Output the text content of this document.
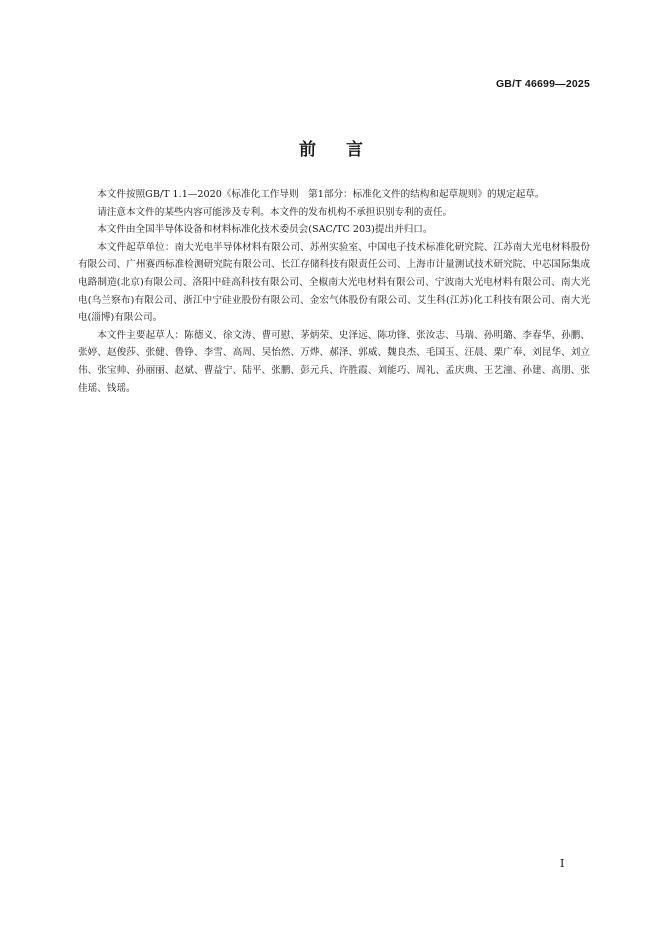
GB/T 46699—2025
前言

本文件按照GB/T 1.1—2020《标准化工作导则　第1部分：标准化文件的结构和起草规则》的规定起草。

请注意本文件的某些内容可能涉及专利。本文件的发布机构不承担识别专利的责任。

本文件由全国半导体设备和材料标准化技术委员会(SAC/TC 203)提出并归口。

本文件起草单位：南大光电半导体材料有限公司、苏州实验室、中国电子技术标准化研究院、江苏南大光电材料股份有限公司、广州赛西标准检测研究院有限公司、长江存储科技有限责任公司、上海市计量测试技术研究院、中芯国际集成电路制造(北京)有限公司、洛阳中硅高科技有限公司、全椒南大光电材料有限公司、宁波南大光电材料有限公司、南大光电(乌兰察布)有限公司、浙江中宁硅业股份有限公司、金宏气体股份有限公司、艾生科(江苏)化工科技有限公司、南大光电(淄博)有限公司。

本文件主要起草人：陈德义、徐文涛、曹可慰、茅炳荣、史泽远、陈功锋、张汝志、马瑞、孙明璐、李春华、孙鹏、张婷、赵俊莎、张健、鲁铮、李雪、高周、吴怡然、万烨、郝泽、郭威、魏良杰、毛国玉、汪晨、栗广奉、刘昆华、刘立伟、张宝帅、孙丽丽、赵斌、曹益宁、陆平、张鹏、彭元兵、许胜霞、刘能巧、周礼、孟庆典、王艺潼、孙建、高朋、张佳瑶、钱瑶。

I
